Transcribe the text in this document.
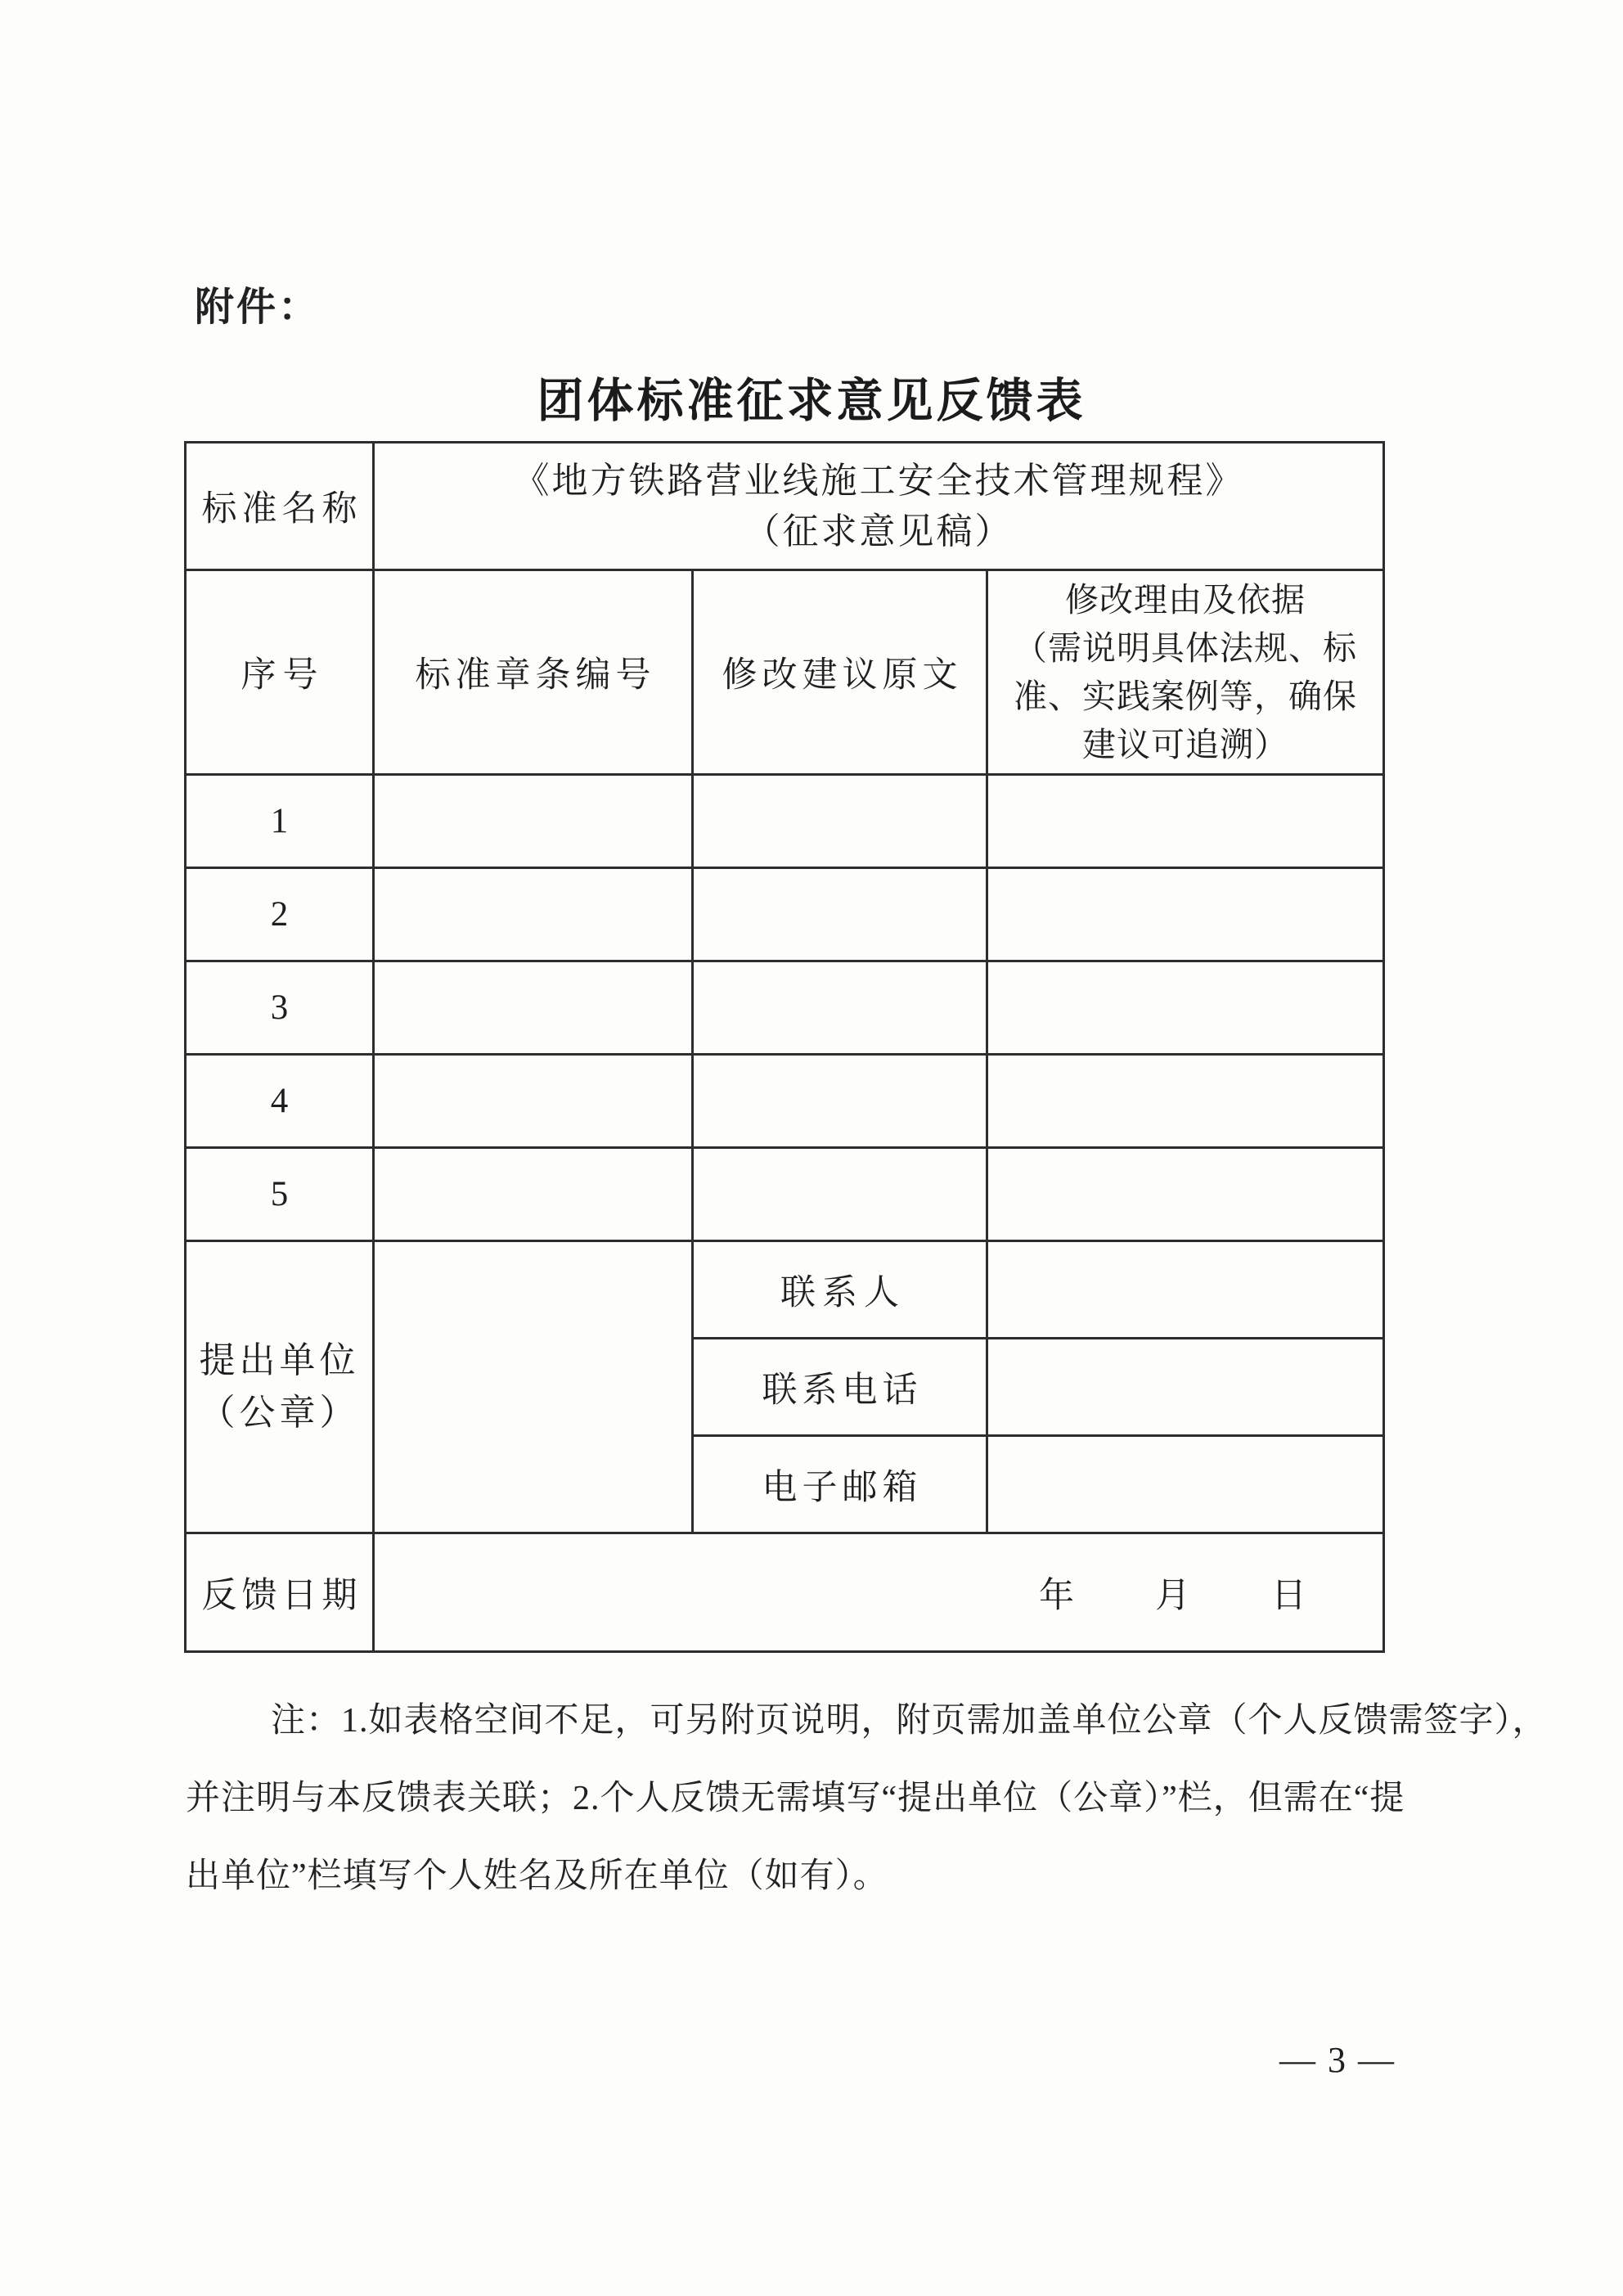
附件：
团体标准征求意见反馈表
标准名称	《地方铁路营业线施工安全技术管理规程》
（征求意见稿）		

序号	标准章条编号	修改建议原文	修改理由及依据
（需说明具体法规、标
准、实践案例等，确保
建议可追溯）

1			
2			
3			
4			
5			

提出单位
（公章）		联系人	
		联系电话	
		电子邮箱	
反馈日期	年 月 日		
注：1.如表格空间不足，可另附页说明，附页需加盖单位公章（个人反馈需签字），
并注明与本反馈表关联；2.个人反馈无需填写“提出单位（公章）”栏，但需在“提
出单位”栏填写个人姓名及所在单位（如有）。
— 3 —
